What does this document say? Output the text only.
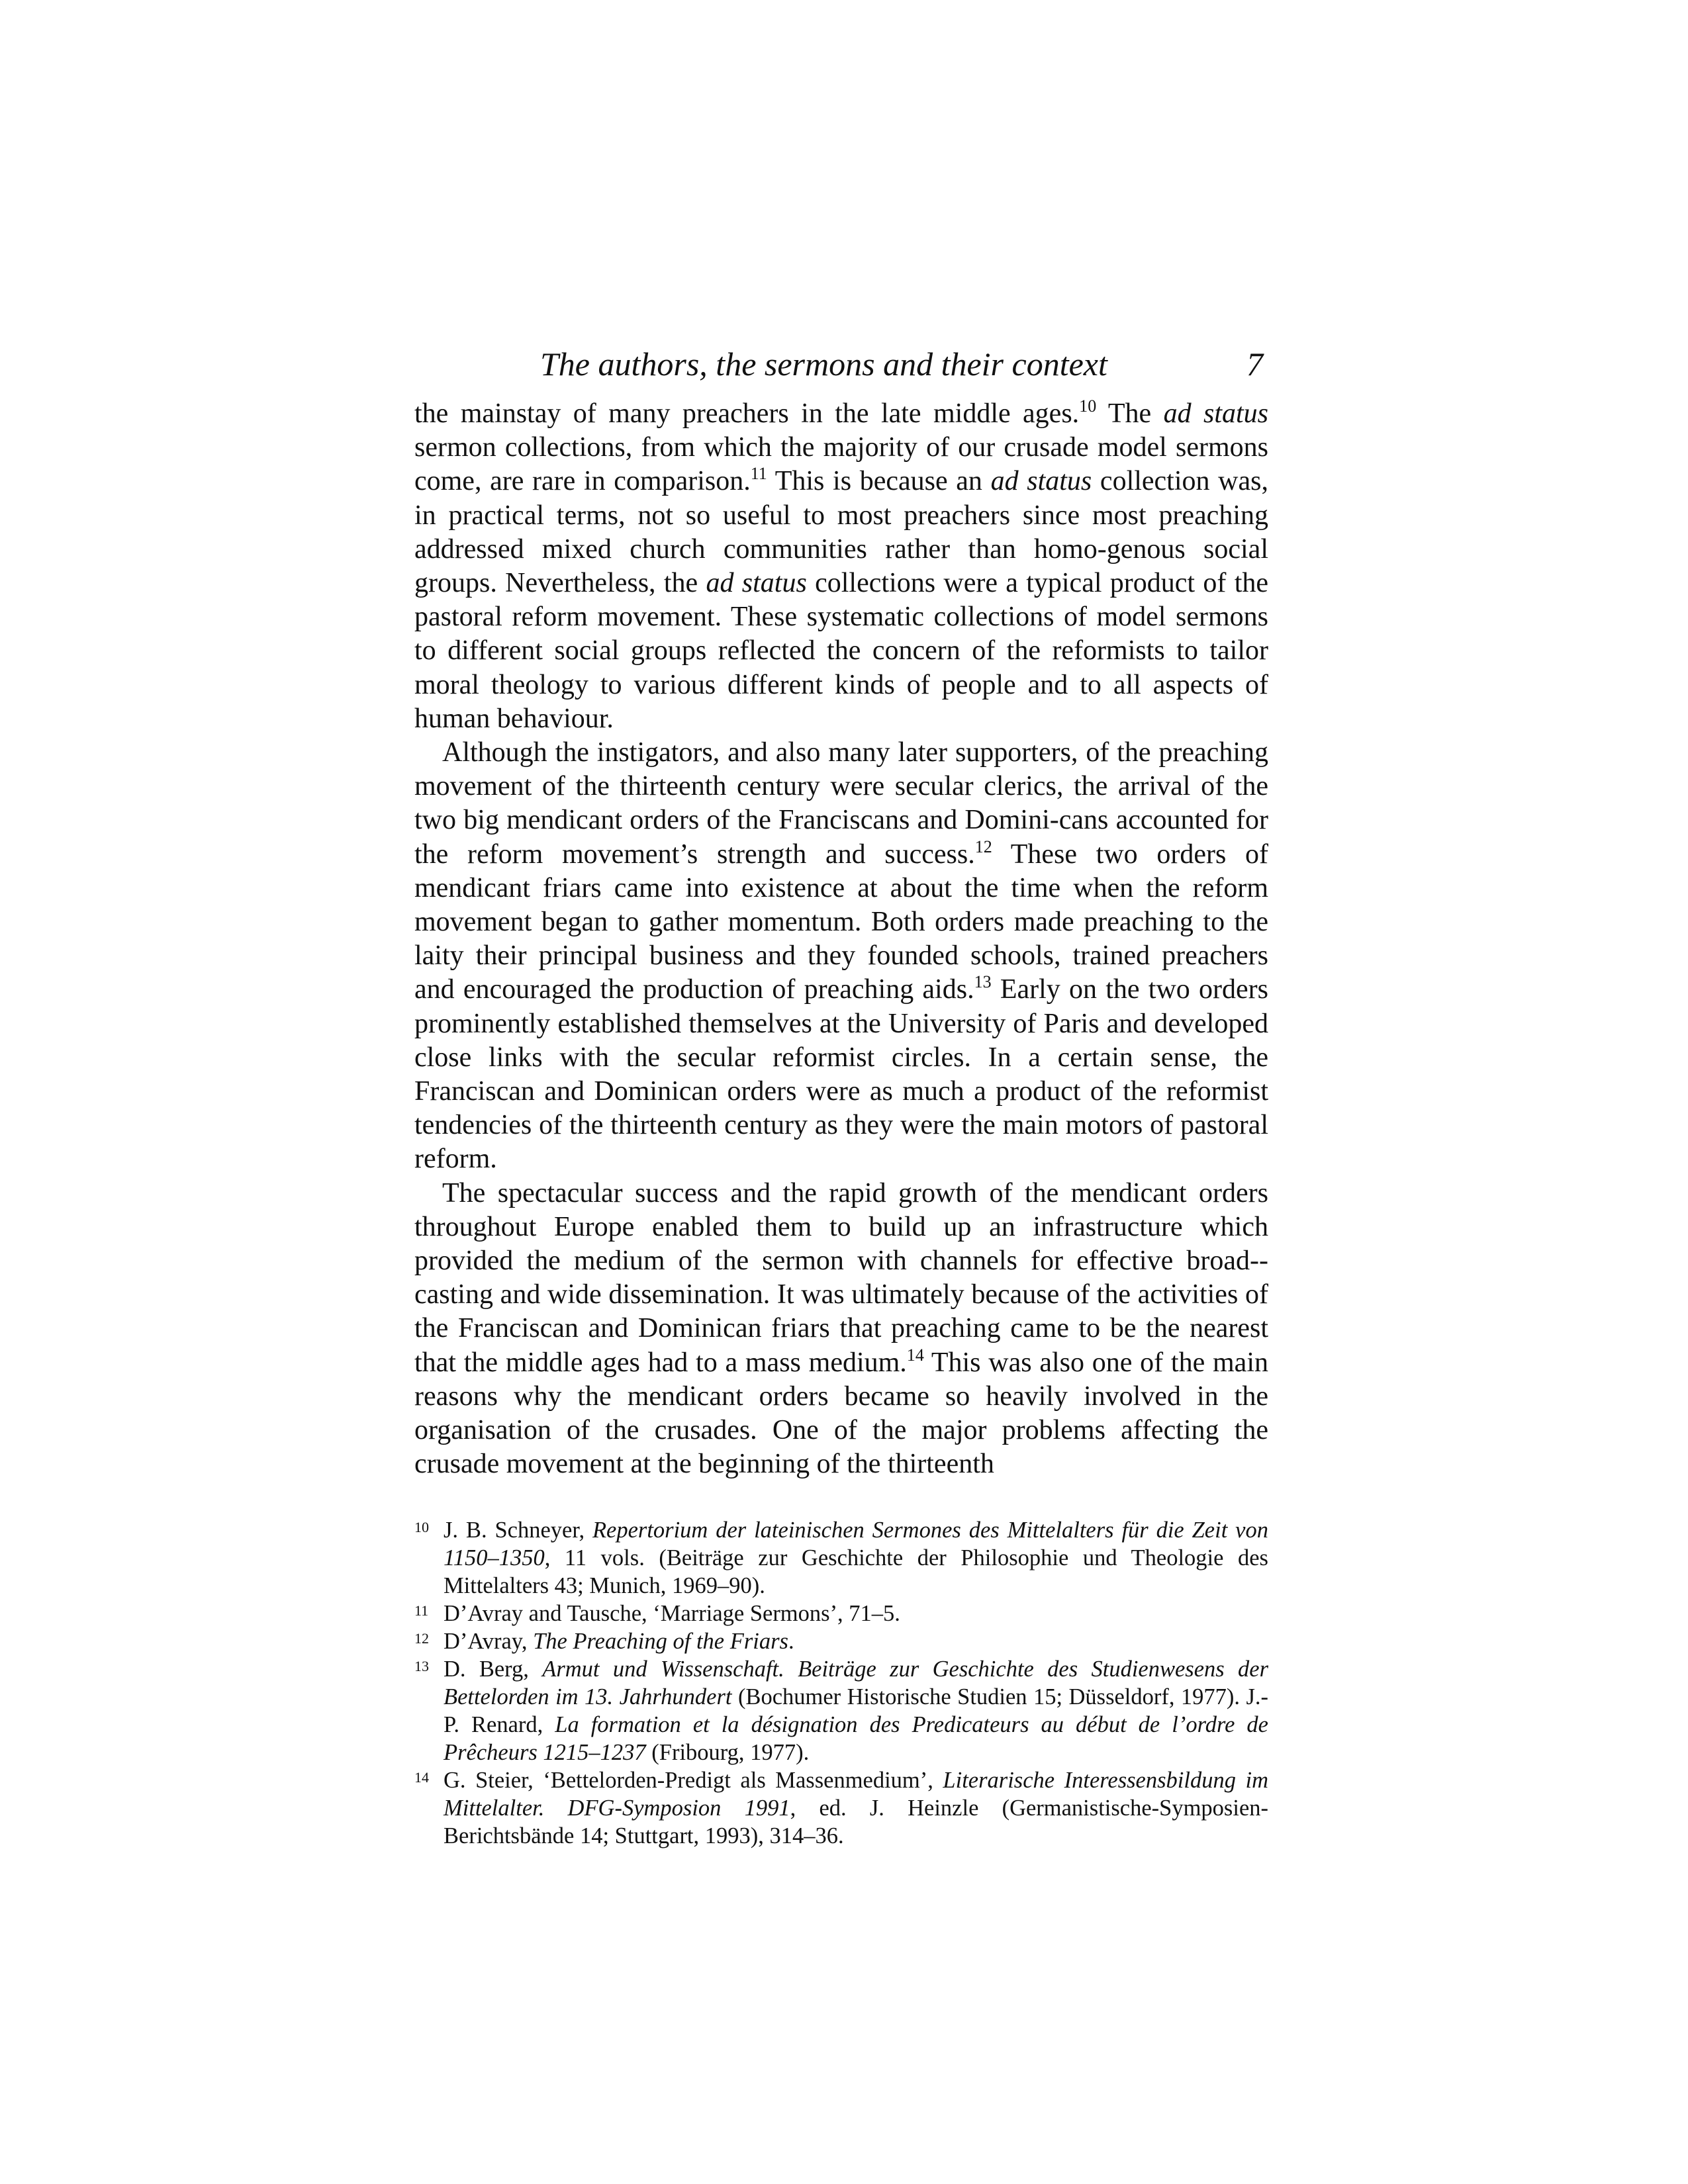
The authors, the sermons and their context	7

the mainstay of many preachers in the late middle ages.$^{10}$ The ad status sermon collections, from which the majority of our crusade model sermons come, are rare in comparison.$^{11}$ This is because an ad status collection was, in practical terms, not so useful to most preachers since most preaching addressed mixed church communities rather than homo-genous social groups. Nevertheless, the ad status collections were a typical product of the pastoral reform movement. These systematic collections of model sermons to different social groups reflected the concern of the reformists to tailor moral theology to various different kinds of people and to all aspects of human behaviour.

Although the instigators, and also many later supporters, of the preaching movement of the thirteenth century were secular clerics, the arrival of the two big mendicant orders of the Franciscans and Domini-cans accounted for the reform movement’s strength and success.$^{12}$ These two orders of mendicant friars came into existence at about the time when the reform movement began to gather momentum. Both orders made preaching to the laity their principal business and they founded schools, trained preachers and encouraged the production of preaching aids.$^{13}$ Early on the two orders prominently established themselves at the University of Paris and developed close links with the secular reformist circles. In a certain sense, the Franciscan and Dominican orders were as much a product of the reformist tendencies of the thirteenth century as they were the main motors of pastoral reform.

The spectacular success and the rapid growth of the mendicant orders throughout Europe enabled them to build up an infrastructure which provided the medium of the sermon with channels for effective broad-casting and wide dissemination. It was ultimately because of the activities of the Franciscan and Dominican friars that preaching came to be the nearest that the middle ages had to a mass medium.$^{14}$ This was also one of the main reasons why the mendicant orders became so heavily involved in the organisation of the crusades. One of the major problems affecting the crusade movement at the beginning of the thirteenth

10 J. B. Schneyer, Repertorium der lateinischen Sermones des Mittelalters für die Zeit von 1150–1350, 11 vols. (Beiträge zur Geschichte der Philosophie und Theologie des Mittelalters 43; Munich, 1969–90).
11 D’Avray and Tausche, ‘Marriage Sermons’, 71–5.
12 D’Avray, The Preaching of the Friars.
13 D. Berg, Armut und Wissenschaft. Beiträge zur Geschichte des Studienwesens der Bettelorden im 13. Jahrhundert (Bochumer Historische Studien 15; Düsseldorf, 1977). J.-P. Renard, La formation et la désignation des Predicateurs au début de l’ordre de Prêcheurs 1215–1237 (Fribourg, 1977).
14 G. Steier, ‘Bettelorden-Predigt als Massenmedium’, Literarische Interessensbildung im Mittelalter. DFG-Symposion 1991, ed. J. Heinzle (Germanistische-Symposien-Berichtsbände 14; Stuttgart, 1993), 314–36.
